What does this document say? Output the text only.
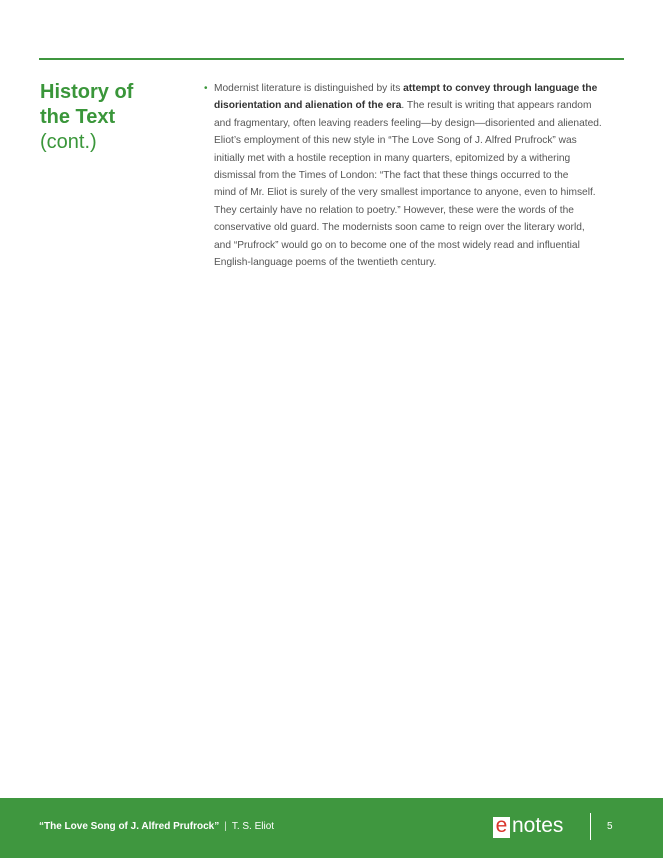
History of
the Text
(cont.)
• Modernist literature is distinguished by its attempt to convey through language the
disorientation and alienation of the era. The result is writing that appears random
and fragmentary, often leaving readers feeling—by design—disoriented and alienated.
Eliot’s employment of this new style in “The Love Song of J. Alfred Prufrock” was
initially met with a hostile reception in many quarters, epitomized by a withering
dismissal from the Times of London: “The fact that these things occurred to the
mind of Mr. Eliot is surely of the very smallest importance to anyone, even to himself.
They certainly have no relation to poetry.” However, these were the words of the
conservative old guard. The modernists soon came to reign over the literary world,
and “Prufrock” would go on to become one of the most widely read and influential
English-language poems of the twentieth century.
“The Love Song of J. Alfred Prufrock” | T. S. Eliot	e notes	5
